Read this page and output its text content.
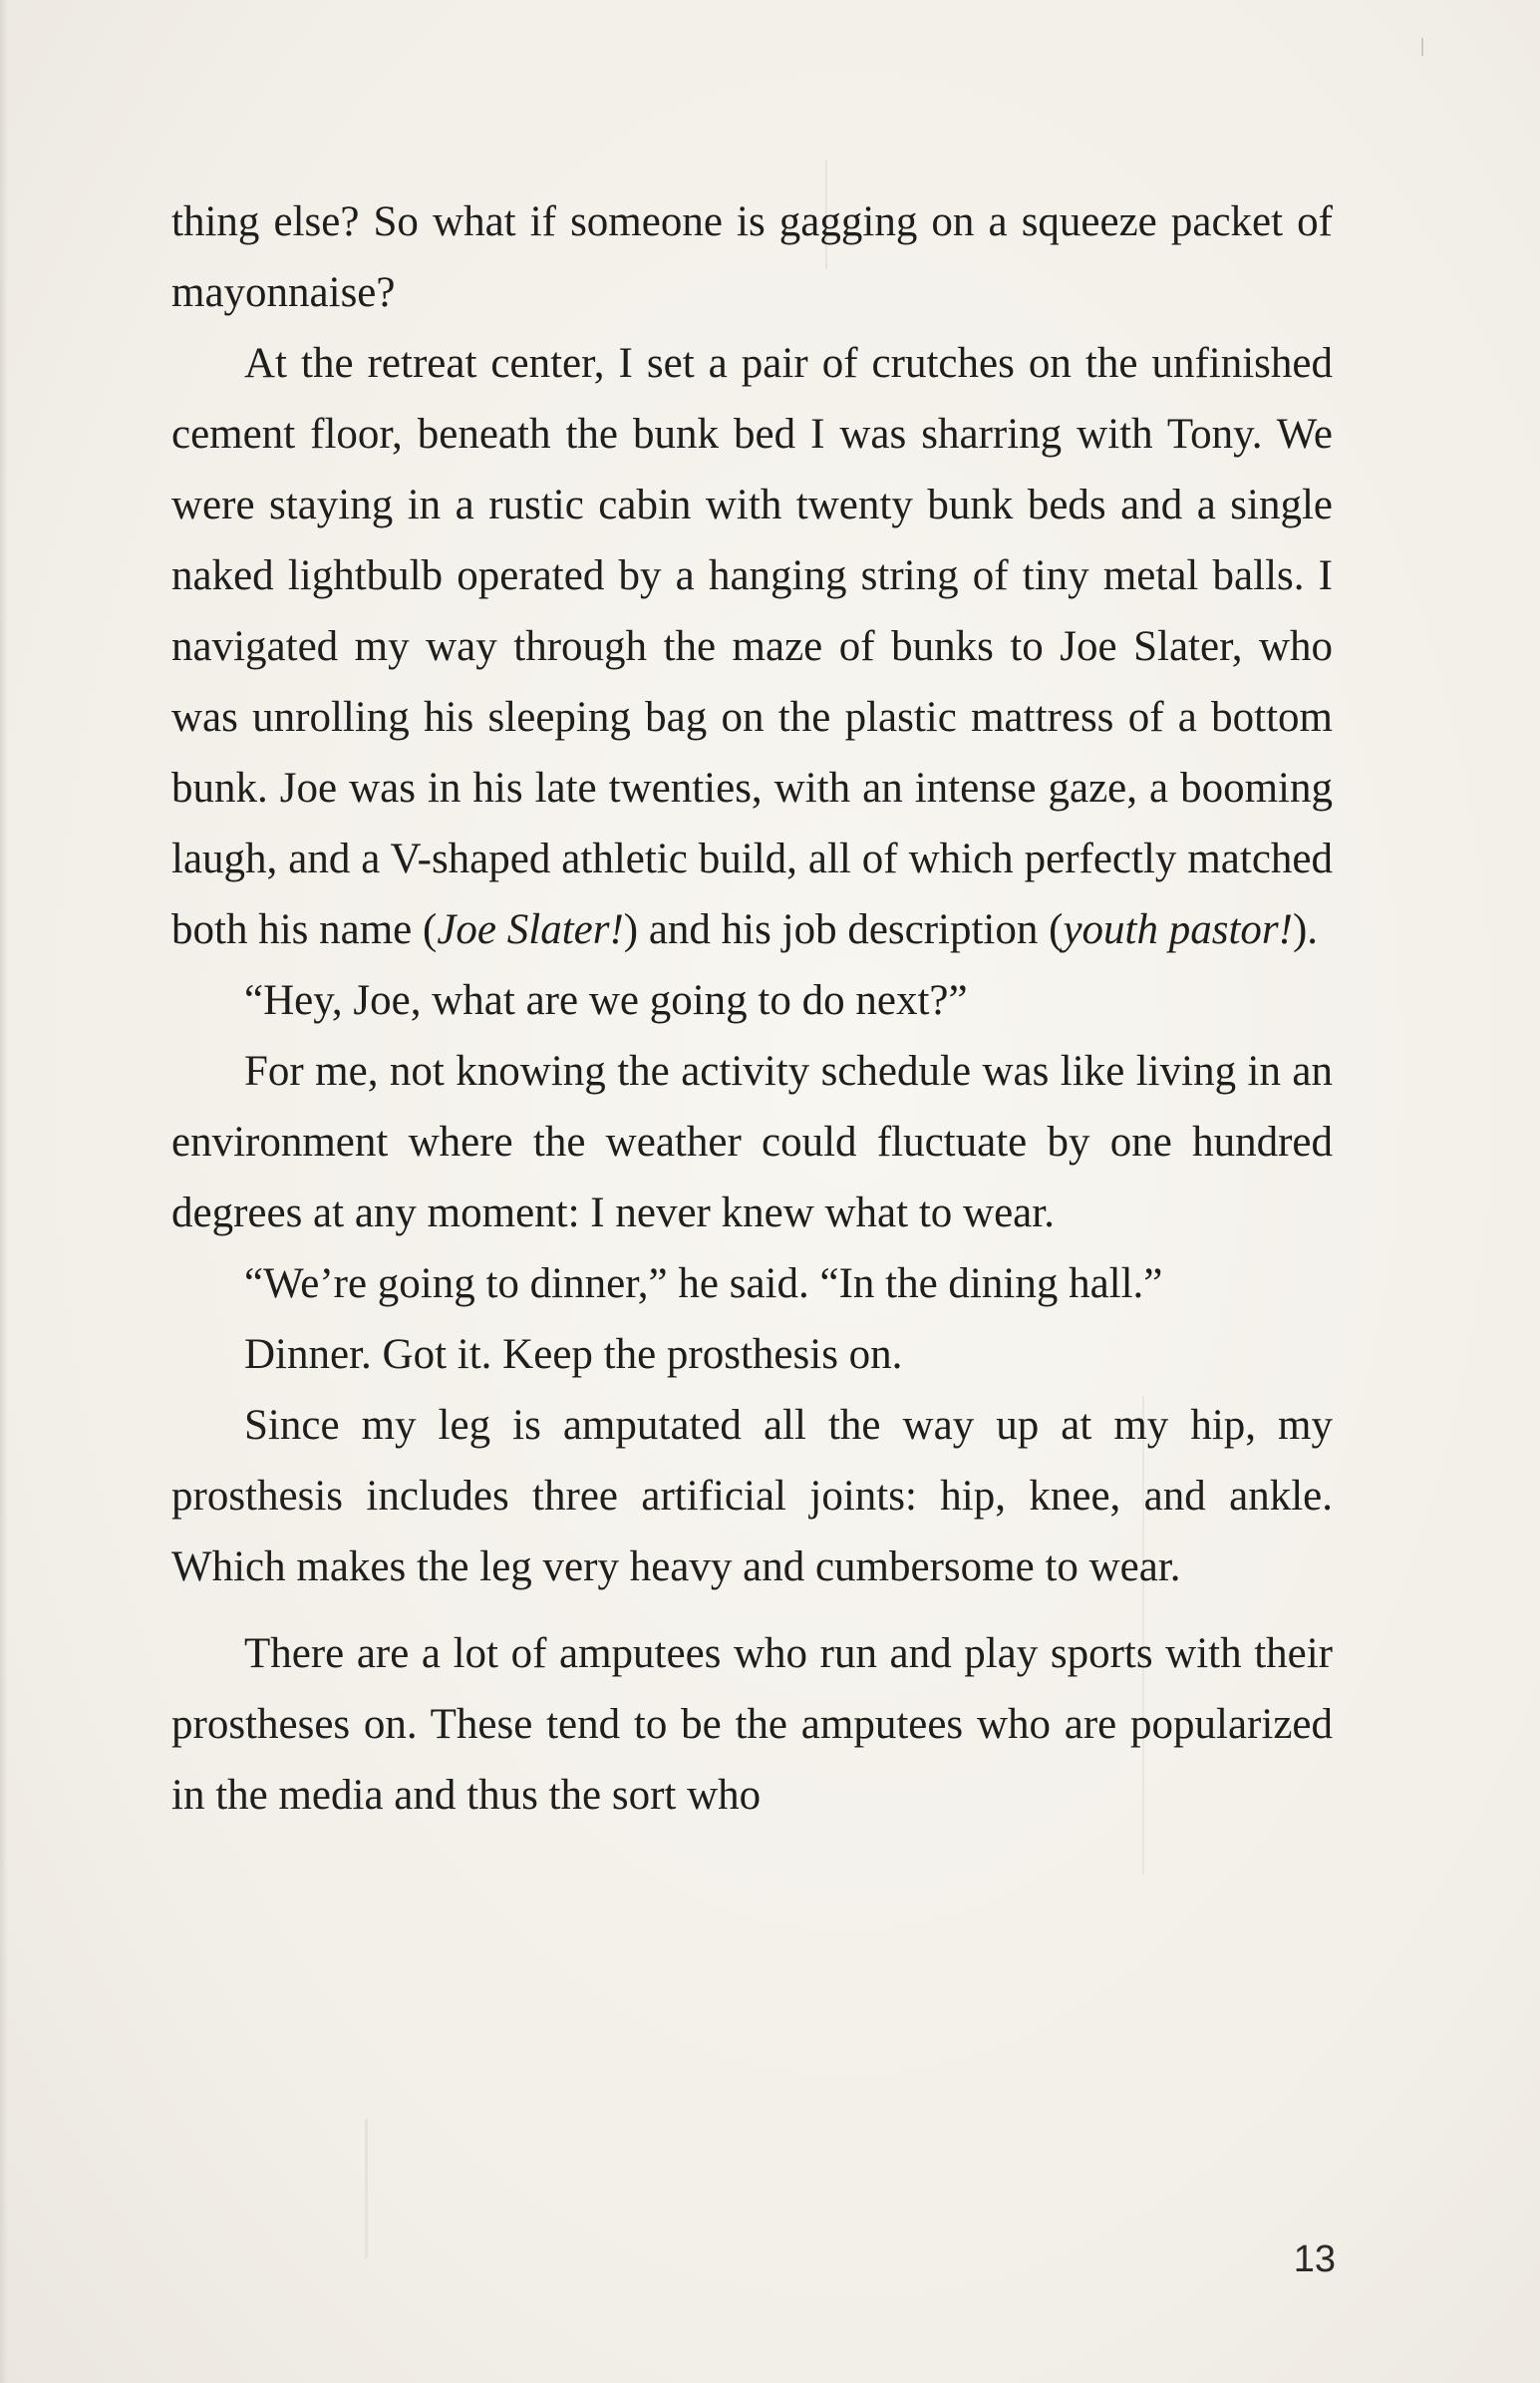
thing else? So what if someone is gagging on a squeeze packet of mayonnaise?

At the retreat center, I set a pair of crutches on the unfinished cement floor, beneath the bunk bed I was sharring with Tony. We were staying in a rustic cabin with twenty bunk beds and a single naked lightbulb operated by a hanging string of tiny metal balls. I navigated my way through the maze of bunks to Joe Slater, who was unrolling his sleeping bag on the plastic mattress of a bottom bunk. Joe was in his late twenties, with an intense gaze, a booming laugh, and a V-shaped athletic build, all of which perfectly matched both his name (Joe Slater!) and his job description (youth pastor!).

“Hey, Joe, what are we going to do next?”

For me, not knowing the activity schedule was like living in an environment where the weather could fluctuate by one hundred degrees at any moment: I never knew what to wear.

“We’re going to dinner,” he said. “In the dining hall.”

Dinner. Got it. Keep the prosthesis on.

Since my leg is amputated all the way up at my hip, my prosthesis includes three artificial joints: hip, knee, and ankle. Which makes the leg very heavy and cumbersome to wear.

There are a lot of amputees who run and play sports with their prostheses on. These tend to be the amputees who are popularized in the media and thus the sort who

13
